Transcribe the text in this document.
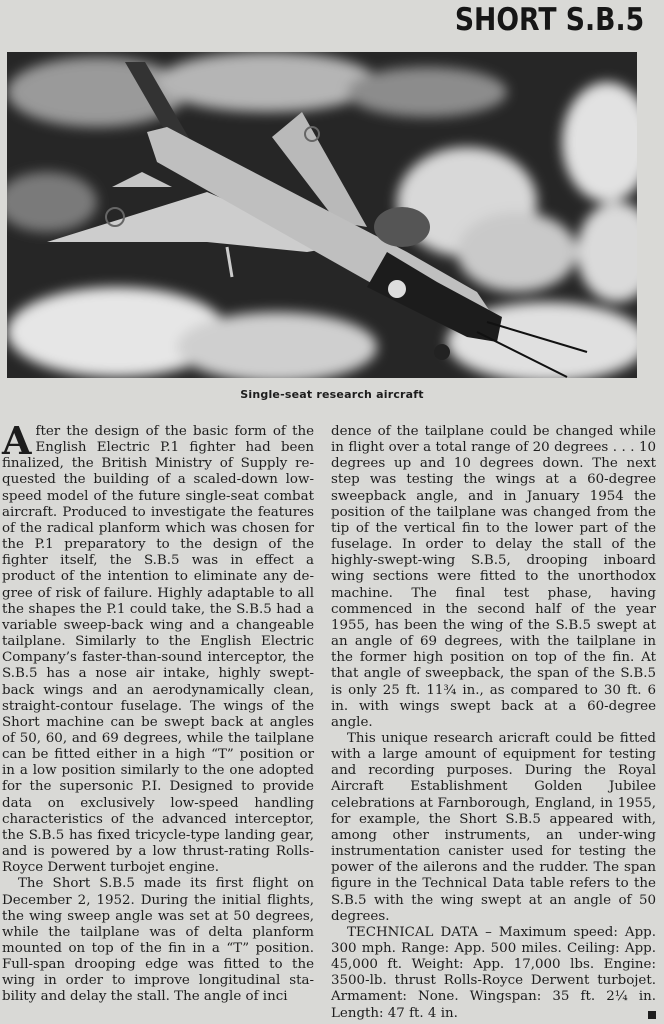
SHORT S.B.5
Single-seat research aircraft

After the design of the basic form of the English Electric P.1 fighter had been finalized, the British Ministry of Supply requested the building of a scaled-down low-speed model of the future single-seat combat aircraft. Produced to investigate the features of the radical planform which was chosen for the P.1 preparatory to the design of the fighter itself, the S.B.5 was in effect a product of the intention to eliminate any degree of risk of failure. Highly adaptable to all the shapes the P.1 could take, the S.B.5 had a variable sweep-back wing and a changeable tailplane. Similarly to the English Electric Company’s faster-than-sound interceptor, the S.B.5 has a nose air intake, highly swept-back wings and an aerodynamically clean, straight-contour fuselage. The wings of the Short machine can be swept back at angles of 50, 60, and 69 degrees, while the tailplane can be fitted either in a high “T” position or in a low position similarly to the one adopted for the supersonic P.I. Designed to provide data on exclusively low-speed handling characteristics of the advanced interceptor, the S.B.5 has fixed tricycle-type landing gear, and is powered by a low thrust-rating Rolls-Royce Derwent turbojet engine.

The Short S.B.5 made its first flight on December 2, 1952. During the initial flights, the wing sweep angle was set at 50 degrees, while the tailplane was of delta planform mounted on top of the fin in a “T” position. Full-span drooping edge was fitted to the wing in order to improve longitudinal stability and delay the stall. The angle of inci

dence of the tailplane could be changed while in flight over a total range of 20 degrees . . . 10 degrees up and 10 degrees down. The next step was testing the wings at a 60-degree sweepback angle, and in January 1954 the position of the tailplane was changed from the tip of the vertical fin to the lower part of the fuselage. In order to delay the stall of the highly-swept-wing S.B.5, drooping inboard wing sections were fitted to the unorthodox machine. The final test phase, having commenced in the second half of the year 1955, has been the wing of the S.B.5 swept at an angle of 69 degrees, with the tailplane in the former high position on top of the fin. At that angle of sweepback, the span of the S.B.5 is only 25 ft. 11¾ in., as compared to 30 ft. 6 in. with wings swept back at a 60-degree angle.

This unique research aricraft could be fitted with a large amount of equipment for testing and recording purposes. During the Royal Aircraft Establishment Golden Jubilee celebrations at Farnborough, England, in 1955, for example, the Short S.B.5 appeared with, among other instruments, an under-wing instrumentation canister used for testing the power of the ailerons and the rudder. The span figure in the Technical Data table refers to the S.B.5 with the wing swept at an angle of 50 degrees.

TECHNICAL DATA – Maximum speed: App. 300 mph. Range: App. 500 miles. Ceiling: App. 45,000 ft. Weight: App. 17,000 lbs. Engine: 3500-lb. thrust Rolls-Royce Derwent turbojet. Armament: None. Wingspan: 35 ft. 2¼ in. Length: 47 ft. 4 in.
